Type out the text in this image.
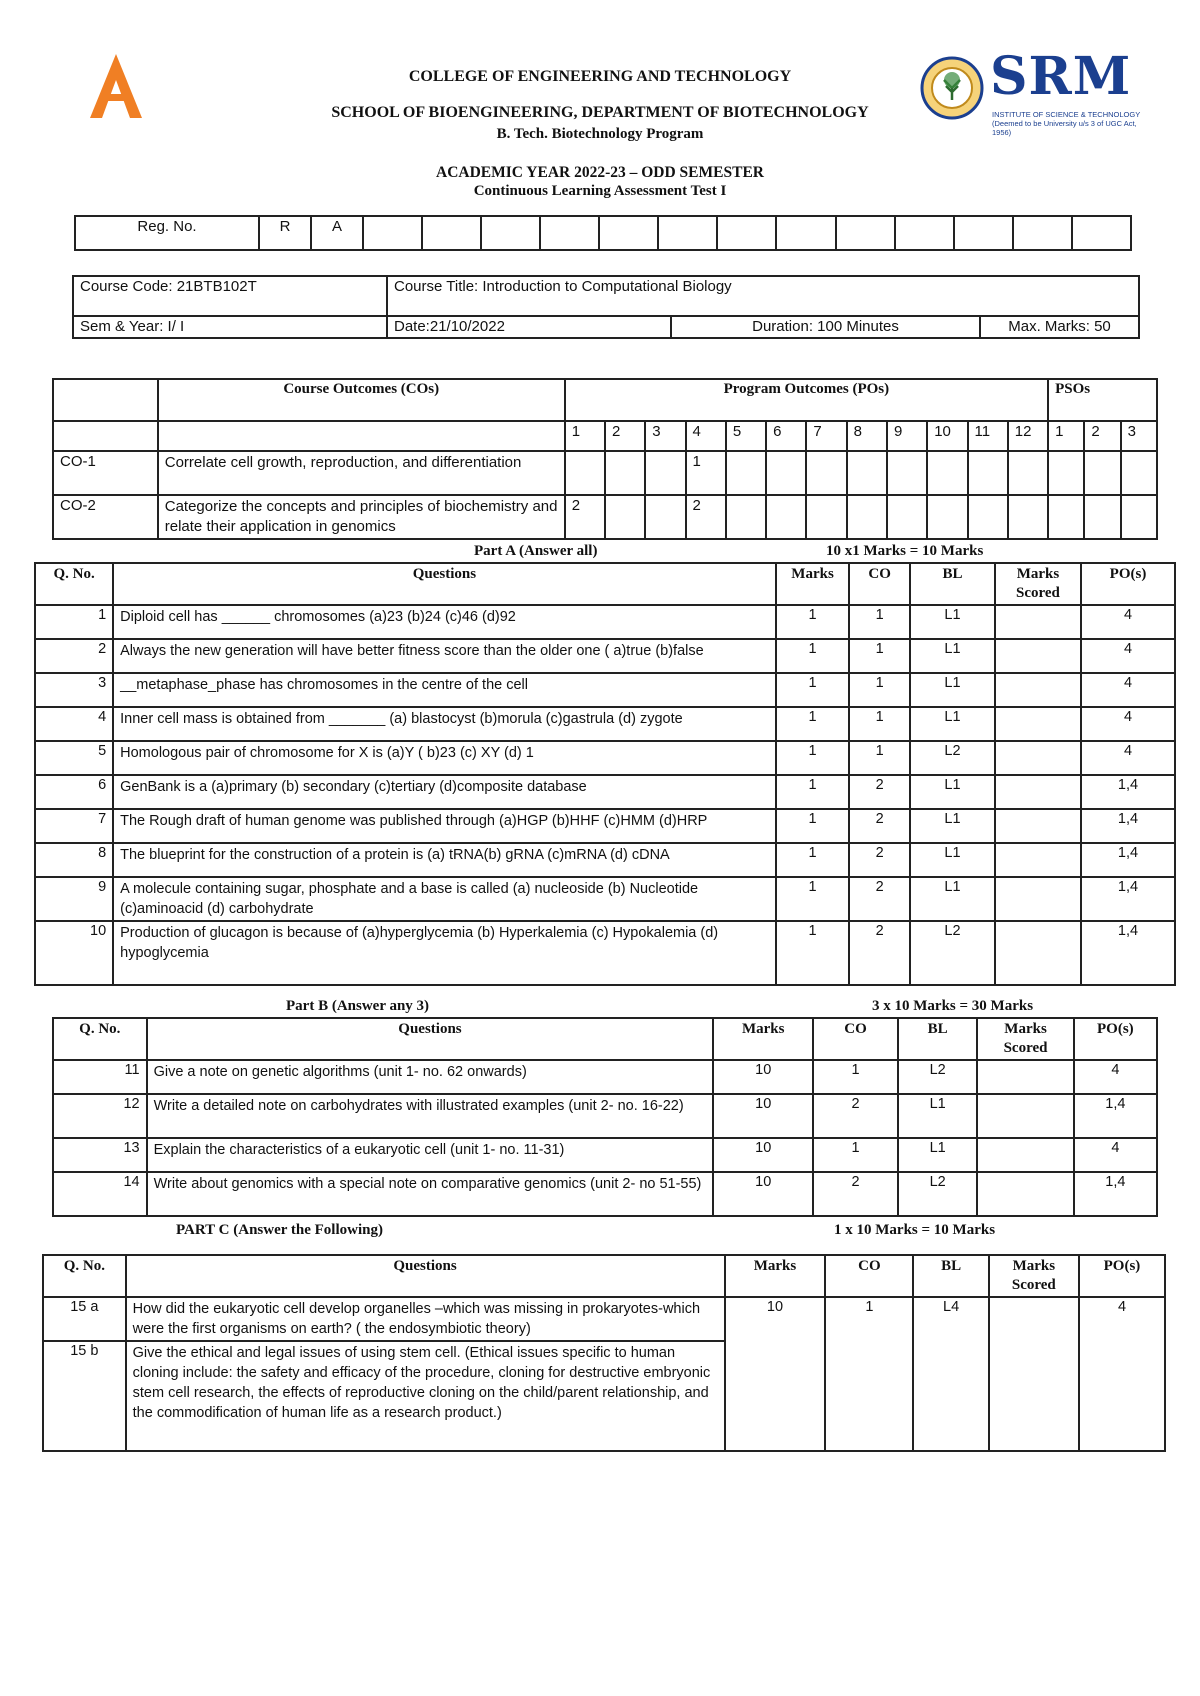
SRM
INSTITUTE OF SCIENCE & TECHNOLOGY (Deemed to be University u/s 3 of UGC Act, 1956)
COLLEGE OF ENGINEERING AND TECHNOLOGY
SCHOOL OF BIOENGINEERING, DEPARTMENT OF BIOTECHNOLOGY
B. Tech. Biotechnology Program
ACADEMIC YEAR 2022-23 – ODD SEMESTER
Continuous Learning Assessment Test I
Reg. No.	R	A													
Course Code: 21BTB102T	Course Title: Introduction to Computational Biology		
Sem & Year: I/ I	Date:21/10/2022	Duration: 100 Minutes	Max. Marks: 50
	Course Outcomes (COs)	Program Outcomes (POs)												PSOs		
		1	2	3	4	5	6	7	8	9	10	11	12	1	2	3
CO-1	Correlate cell growth, reproduction, and differentiation				1											
CO-2	Categorize the concepts and principles of biochemistry and relate their application in genomics	2			2											
Part A (Answer all)	10 x1 Marks = 10 Marks
Q. No.	Questions	Marks	CO	BL	Marks Scored	PO(s)
1	Diploid cell has ______ chromosomes (a)23 (b)24 (c)46 (d)92	1	1	L1		4
2	Always the new generation will have better fitness score than the older one ( a)true (b)false	1	1	L1		4
3	__metaphase_phase has chromosomes in the centre of the cell	1	1	L1		4
4	Inner cell mass is obtained from _______ (a) blastocyst (b)morula (c)gastrula (d) zygote	1	1	L1		4
5	Homologous pair of chromosome for X is (a)Y ( b)23 (c) XY (d) 1	1	1	L2		4
6	GenBank is a (a)primary (b) secondary (c)tertiary (d)composite database	1	2	L1		1,4
7	The Rough draft of human genome was published through (a)HGP (b)HHF (c)HMM (d)HRP	1	2	L1		1,4
8	The blueprint for the construction of a protein is (a) tRNA(b) gRNA (c)mRNA (d) cDNA	1	2	L1		1,4
9	A molecule containing sugar, phosphate and a base is called (a) nucleoside (b) Nucleotide (c)aminoacid (d) carbohydrate	1	2	L1		1,4
10	Production of glucagon is because of (a)hyperglycemia (b) Hyperkalemia (c) Hypokalemia (d) hypoglycemia	1	2	L2		1,4
Part B (Answer any 3)	3 x 10 Marks = 30 Marks
Q. No.	Questions	Marks	CO	BL	Marks Scored	PO(s)
11	Give a note on genetic algorithms (unit 1- no. 62 onwards)	10	1	L2		4
12	Write a detailed note on carbohydrates with illustrated examples (unit 2- no. 16-22)	10	2	L1		1,4
13	Explain the characteristics of a eukaryotic cell (unit 1- no. 11-31)	10	1	L1		4
14	Write about genomics with a special note on comparative genomics (unit 2- no 51-55)	10	2	L2		1,4
PART C (Answer the Following)	1 x 10 Marks = 10 Marks
Q. No.	Questions	Marks	CO	BL	Marks Scored	PO(s)
15 a	How did the eukaryotic cell develop organelles –which was missing in prokaryotes-which were the first organisms on earth? ( the endosymbiotic theory)	10	1	L4		4
15 b	Give the ethical and legal issues of using stem cell. (Ethical issues specific to human cloning include: the safety and efficacy of the procedure, cloning for destructive embryonic stem cell research, the effects of reproductive cloning on the child/parent relationship, and the commodification of human life as a research product.)					
